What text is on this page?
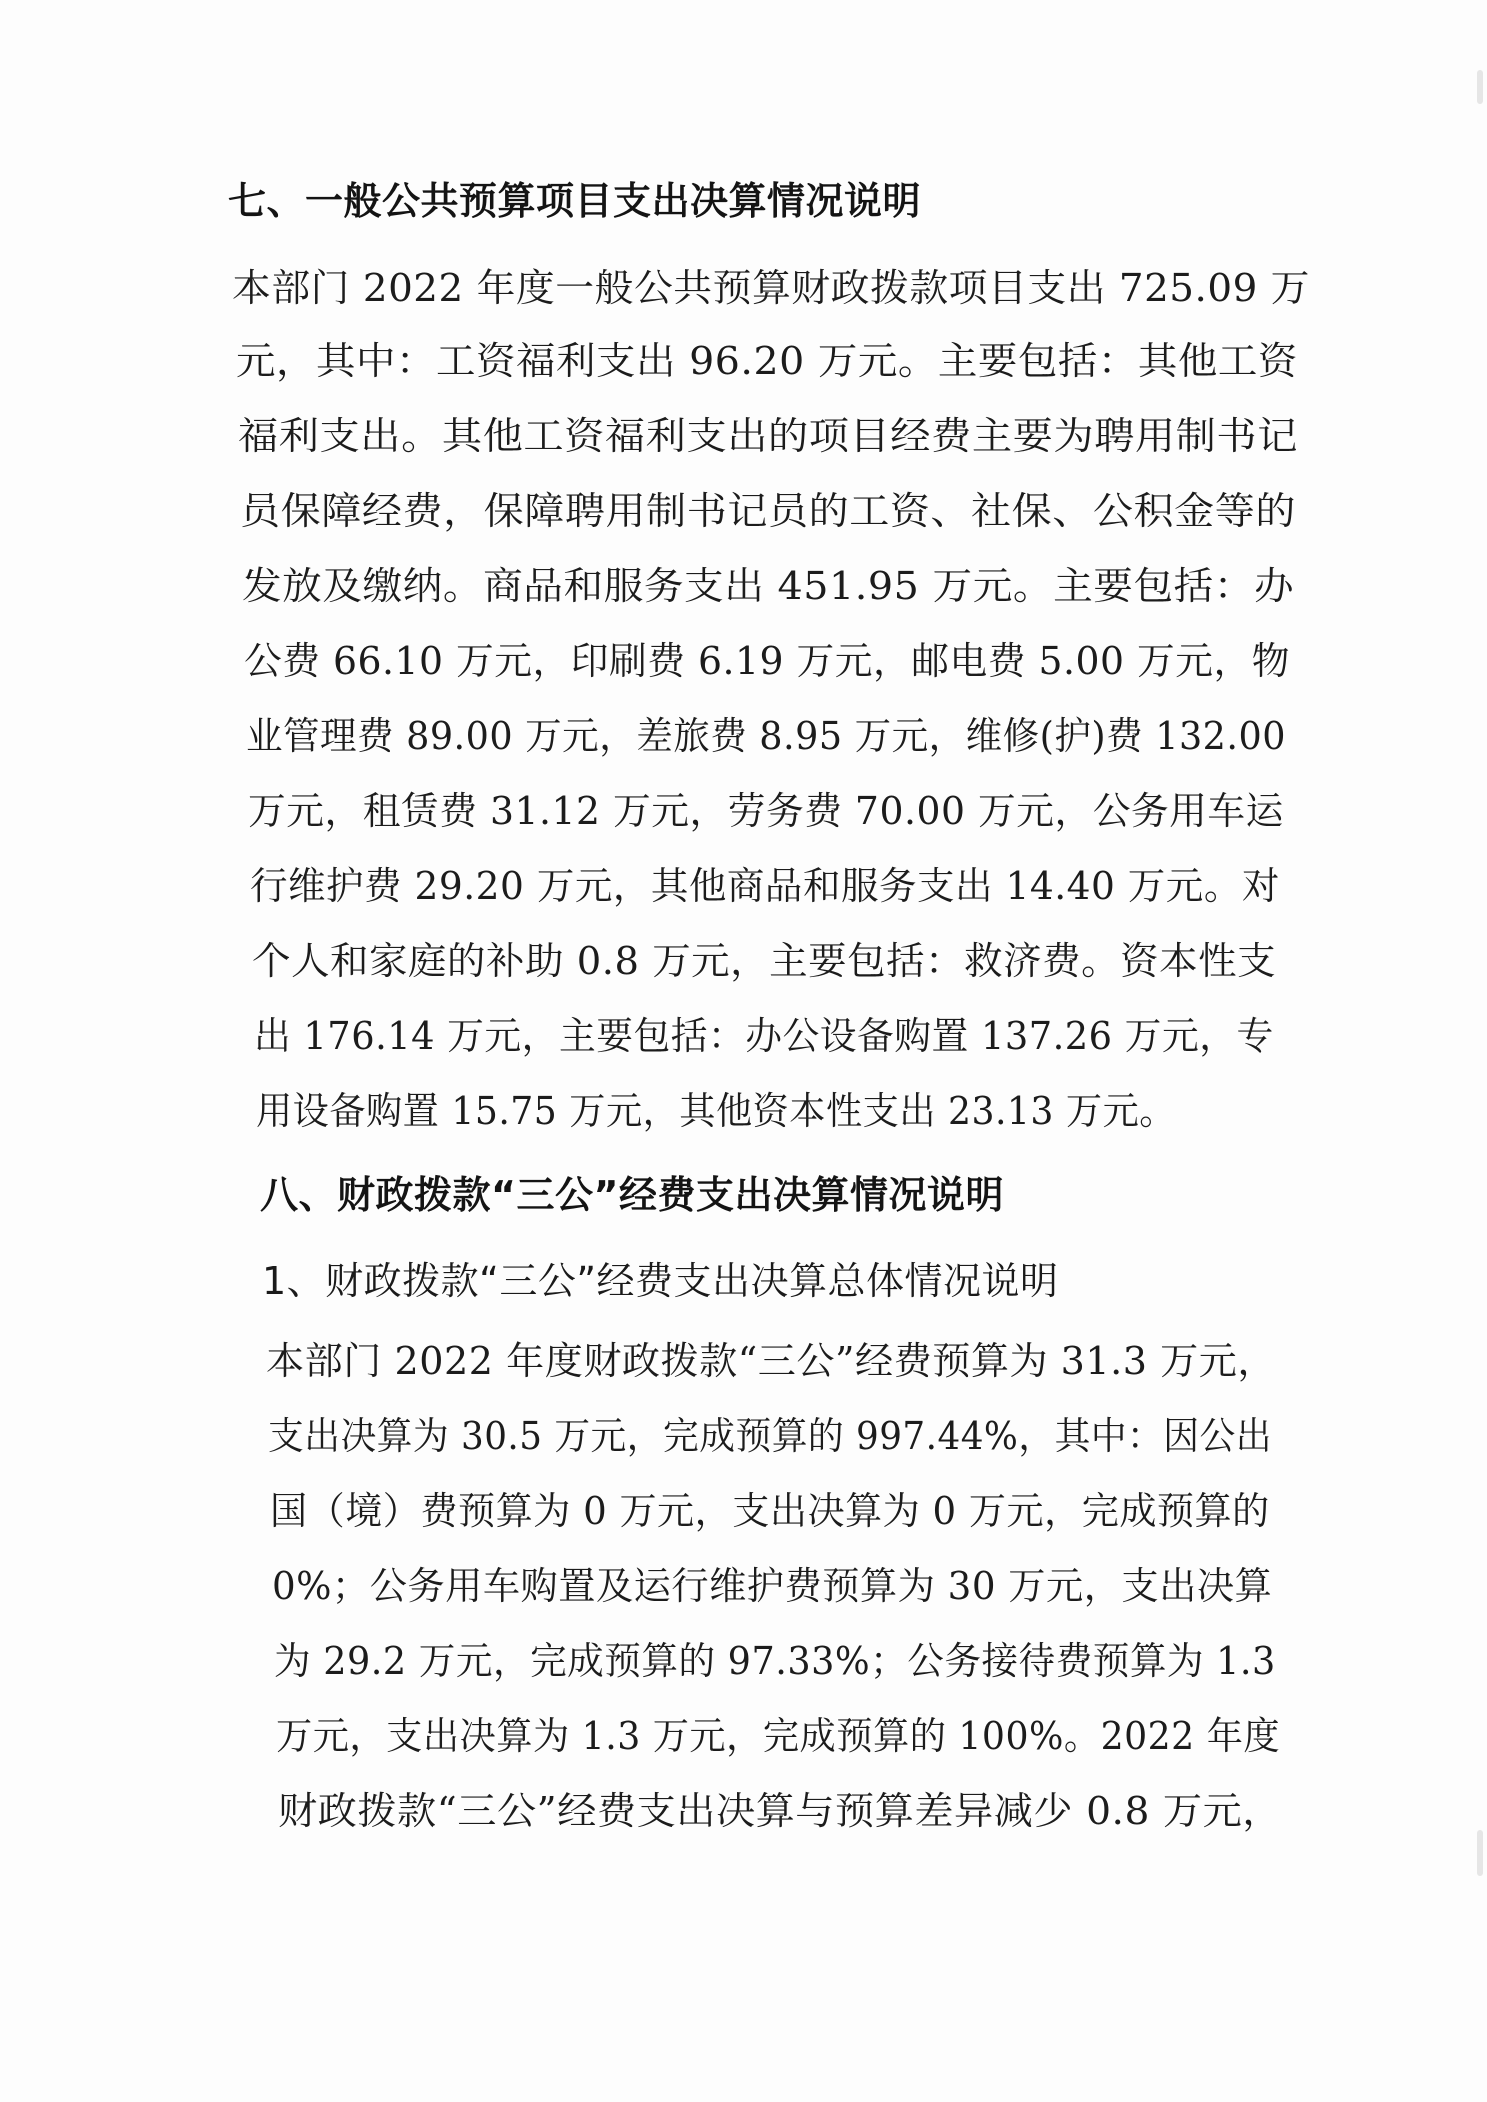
七、一般公共预算项目支出决算情况说明
本部门 2022 年度一般公共预算财政拨款项目支出 725.09 万
元，其中：工资福利支出 96.20 万元。主要包括：其他工资
福利支出。其他工资福利支出的项目经费主要为聘用制书记
员保障经费，保障聘用制书记员的工资、社保、公积金等的
发放及缴纳。商品和服务支出 451.95 万元。主要包括：办
公费 66.10 万元，印刷费 6.19 万元，邮电费 5.00 万元，物
业管理费 89.00 万元，差旅费 8.95 万元，维修(护)费 132.00
万元，租赁费 31.12 万元，劳务费 70.00 万元，公务用车运
行维护费 29.20 万元，其他商品和服务支出 14.40 万元。对
个人和家庭的补助 0.8 万元，主要包括：救济费。资本性支
出 176.14 万元，主要包括：办公设备购置 137.26 万元，专
用设备购置 15.75 万元，其他资本性支出 23.13 万元。
八、财政拨款“三公”经费支出决算情况说明
1、财政拨款“三公”经费支出决算总体情况说明
本部门 2022 年度财政拨款“三公”经费预算为 31.3 万元，
支出决算为 30.5 万元，完成预算的 997.44%，其中：因公出
国（境）费预算为 0 万元，支出决算为 0 万元，完成预算的
0%；公务用车购置及运行维护费预算为 30 万元，支出决算
为 29.2 万元，完成预算的 97.33%；公务接待费预算为 1.3
万元，支出决算为 1.3 万元，完成预算的 100%。2022 年度
财政拨款“三公”经费支出决算与预算差异减少 0.8 万元，
